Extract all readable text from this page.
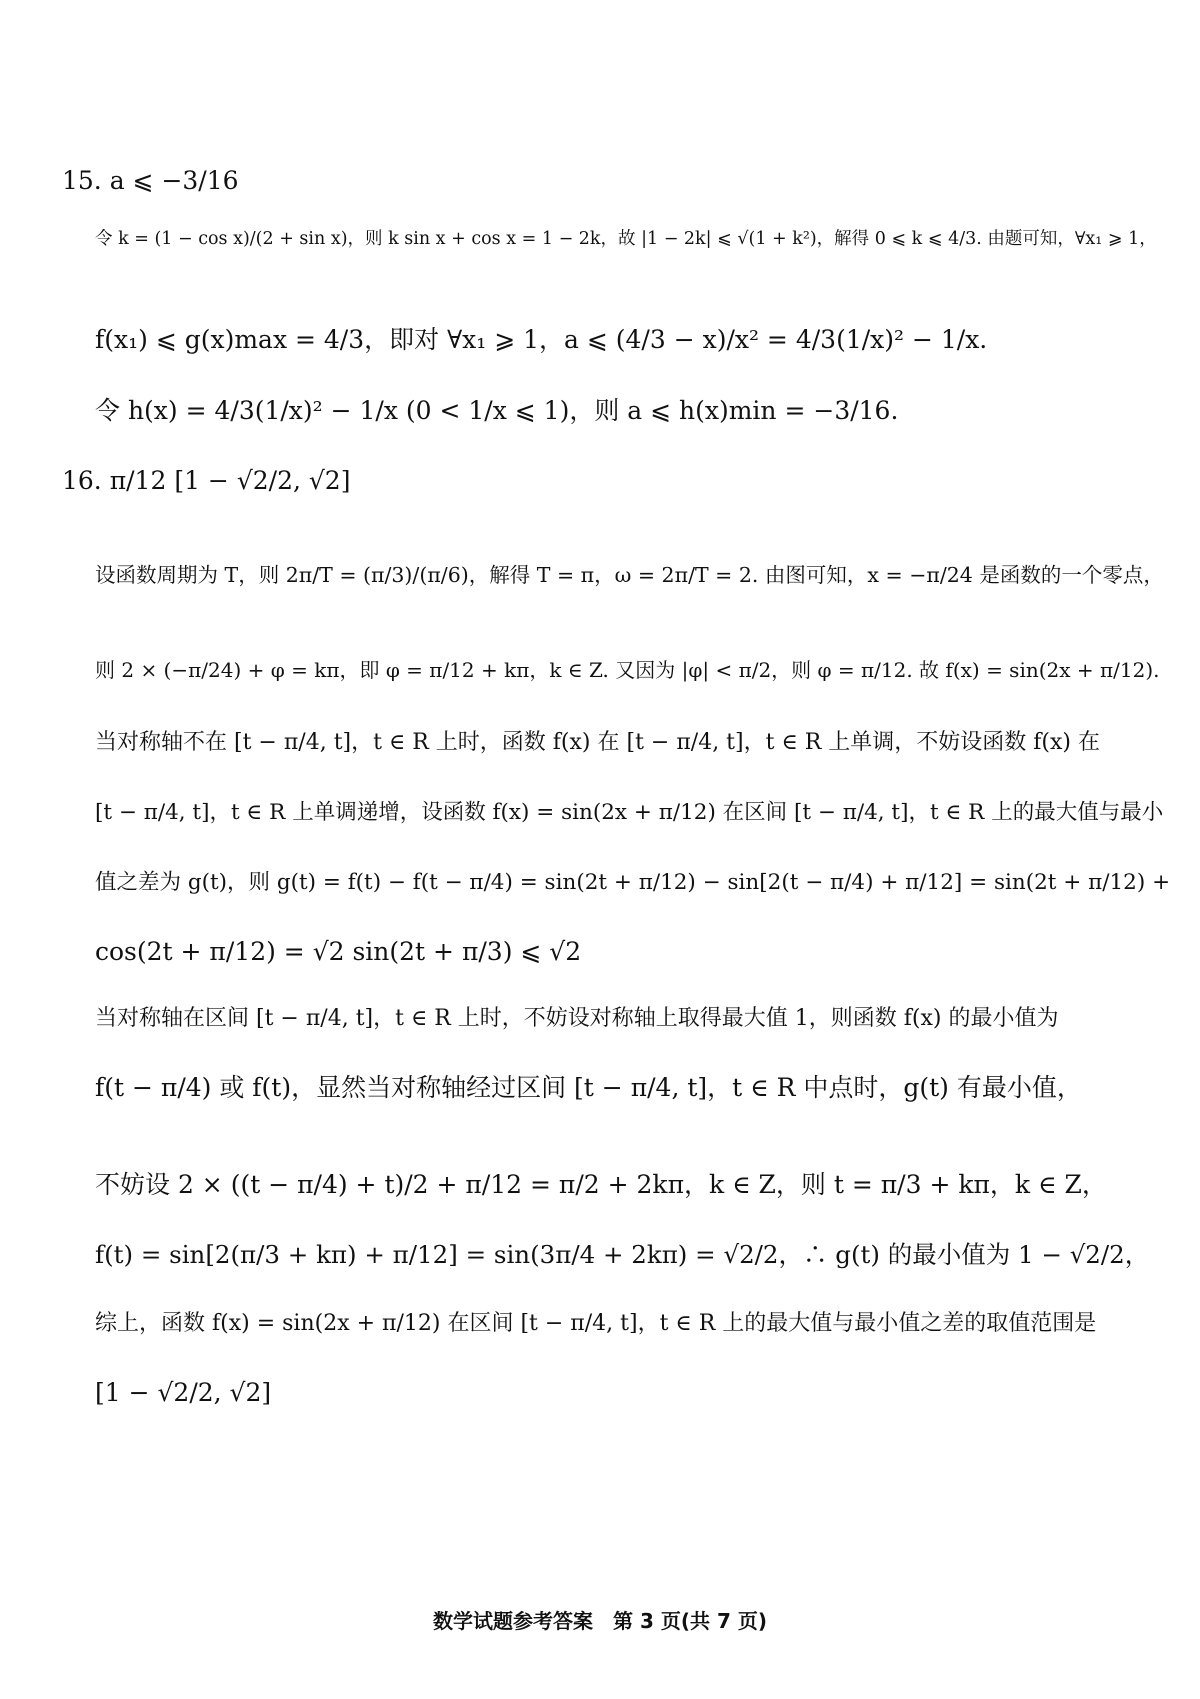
15. a ⩽ −3/16
令 k = (1 − cos x)/(2 + sin x)，则 k sin x + cos x = 1 − 2k，故 |1 − 2k| ⩽ √(1 + k²)，解得 0 ⩽ k ⩽ 4/3. 由题可知，∀x₁ ⩾ 1，
f(x₁) ⩽ g(x)max = 4/3，即对 ∀x₁ ⩾ 1，a ⩽ (4/3 − x)/x² = 4/3(1/x)² − 1/x.
令 h(x) = 4/3(1/x)² − 1/x (0 < 1/x ⩽ 1)，则 a ⩽ h(x)min = −3/16.
16. π/12 [1 − √2/2, √2]
设函数周期为 T，则 2π/T = (π/3)/(π/6)，解得 T = π，ω = 2π/T = 2. 由图可知，x = −π/24 是函数的一个零点，
则 2 × (−π/24) + φ = kπ，即 φ = π/12 + kπ，k ∈ Z. 又因为 |φ| < π/2，则 φ = π/12. 故 f(x) = sin(2x + π/12).
当对称轴不在 [t − π/4, t]，t ∈ R 上时，函数 f(x) 在 [t − π/4, t]，t ∈ R 上单调，不妨设函数 f(x) 在
[t − π/4, t]，t ∈ R 上单调递增，设函数 f(x) = sin(2x + π/12) 在区间 [t − π/4, t]，t ∈ R 上的最大值与最小
值之差为 g(t)，则 g(t) = f(t) − f(t − π/4) = sin(2t + π/12) − sin[2(t − π/4) + π/12] = sin(2t + π/12) +
cos(2t + π/12) = √2 sin(2t + π/3) ⩽ √2
当对称轴在区间 [t − π/4, t]，t ∈ R 上时，不妨设对称轴上取得最大值 1，则函数 f(x) 的最小值为
f(t − π/4) 或 f(t)，显然当对称轴经过区间 [t − π/4, t]，t ∈ R 中点时，g(t) 有最小值，
不妨设 2 × ((t − π/4) + t)/2 + π/12 = π/2 + 2kπ，k ∈ Z，则 t = π/3 + kπ，k ∈ Z，
f(t) = sin[2(π/3 + kπ) + π/12] = sin(3π/4 + 2kπ) = √2/2，∴ g(t) 的最小值为 1 − √2/2，
综上，函数 f(x) = sin(2x + π/12) 在区间 [t − π/4, t]，t ∈ R 上的最大值与最小值之差的取值范围是
[1 − √2/2, √2]
数学试题参考答案　第 3 页(共 7 页)
